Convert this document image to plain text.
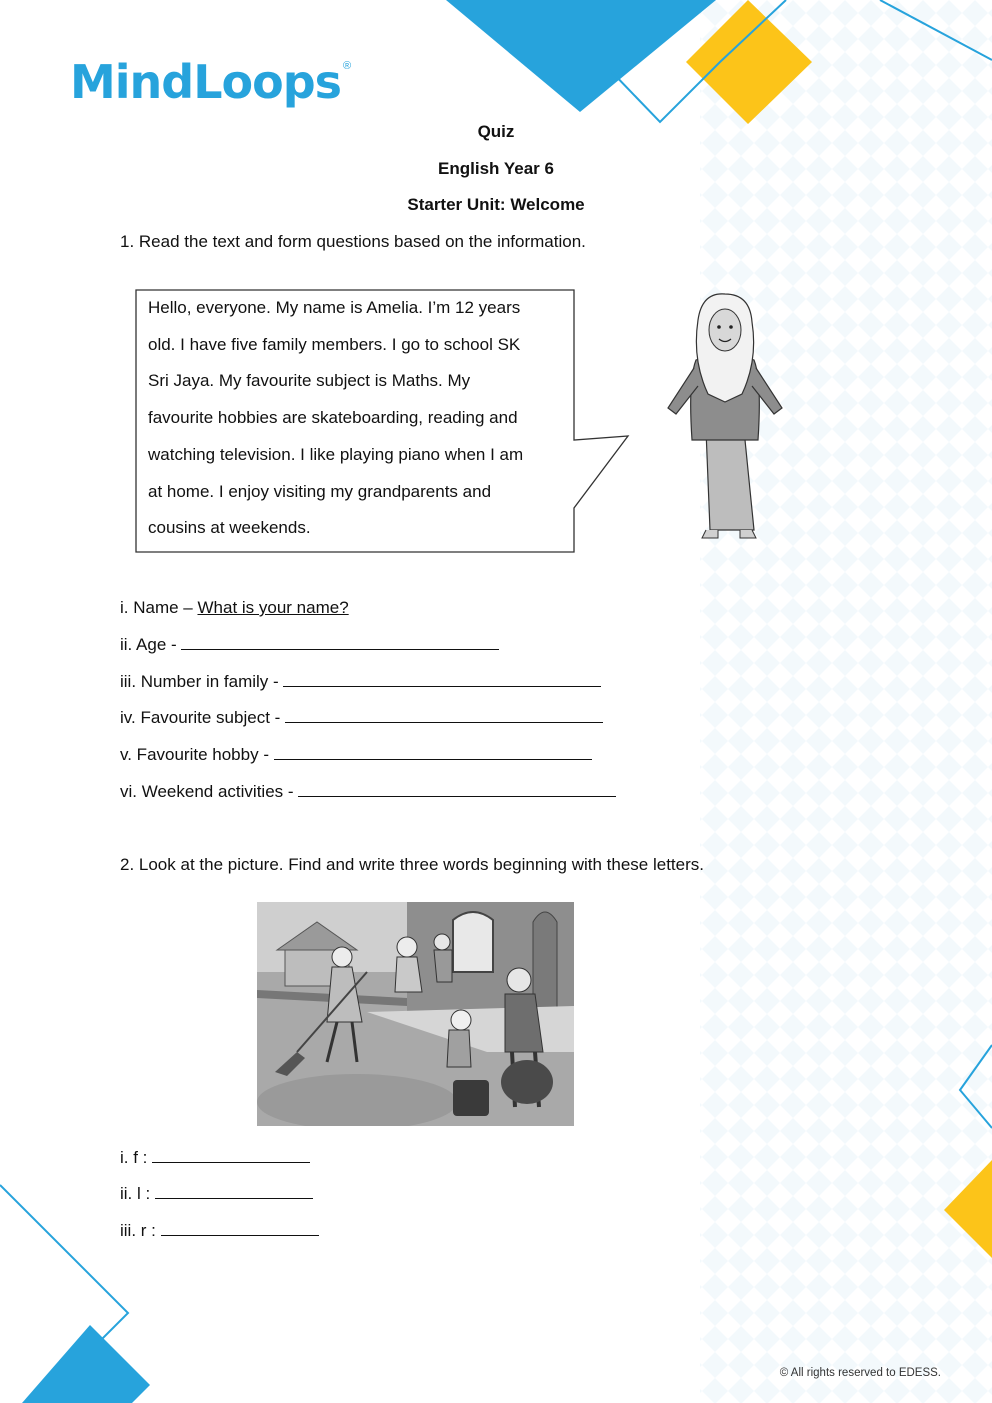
MindLoops ®
Quiz
English Year 6
Starter Unit: Welcome
1. Read the text and form questions based on the information.
Hello, everyone. My name is Amelia. I’m 12 years
old. I have five family members. I go to school SK
Sri Jaya. My favourite subject is Maths. My
favourite hobbies are skateboarding, reading and
watching television. I like playing piano when I am
at home. I enjoy visiting my grandparents and
cousins at weekends.
i. Name – What is your name?
ii. Age -
iii. Number in family -
iv. Favourite subject -
v. Favourite hobby -
vi. Weekend activities -
2. Look at the picture. Find and write three words beginning with these letters.
i. f :
ii. l :
iii. r :
© All rights reserved to EDESS.
